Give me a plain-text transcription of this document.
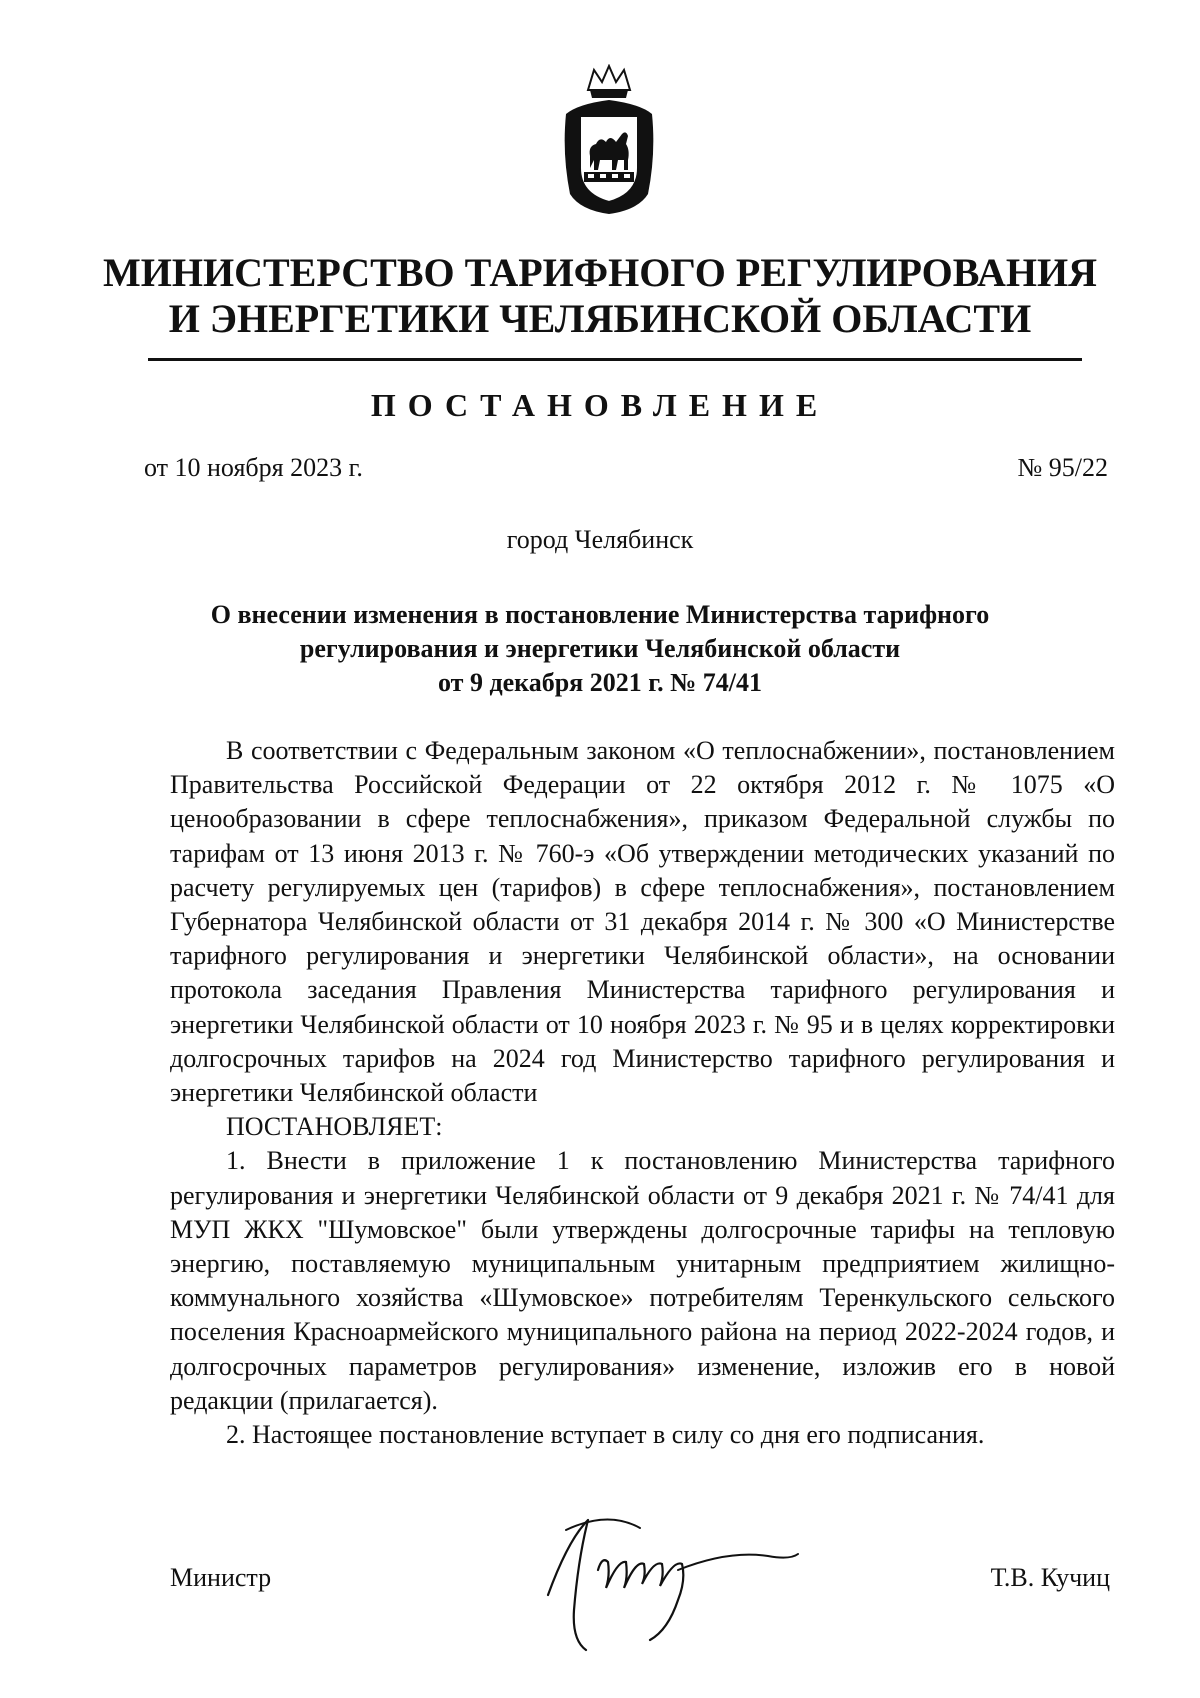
МИНИСТЕРСТВО ТАРИФНОГО РЕГУЛИРОВАНИЯ
И ЭНЕРГЕТИКИ ЧЕЛЯБИНСКОЙ ОБЛАСТИ
ПОСТАНОВЛЕНИЕ
от 10 ноября 2023 г.	№ 95/22
город Челябинск
О внесении изменения в постановление Министерства тарифного
регулирования и энергетики Челябинской области
от 9 декабря 2021 г. № 74/41

В соответствии с Федеральным законом «О теплоснабжении», постановлением Правительства Российской Федерации от 22 октября 2012 г. № 1075 «О ценообразовании в сфере теплоснабжения», приказом Федеральной службы по тарифам от 13 июня 2013 г. № 760-э «Об утверждении методических указаний по расчету регулируемых цен (тарифов) в сфере теплоснабжения», постановлением Губернатора Челябинской области от 31 декабря 2014 г. № 300 «О Министерстве тарифного регулирования и энергетики Челябинской области», на основании протокола заседания Правления Министерства тарифного регулирования и энергетики Челябинской области от 10 ноября 2023 г. № 95 и в целях корректировки долгосрочных тарифов на 2024 год Министерство тарифного регулирования и энергетики Челябинской области

ПОСТАНОВЛЯЕТ:

1. Внести в приложение 1 к постановлению Министерства тарифного регулирования и энергетики Челябинской области от 9 декабря 2021 г. № 74/41 для МУП ЖКХ "Шумовское" были утверждены долгосрочные тарифы на тепловую энергию, поставляемую муниципальным унитарным предприятием жилищно-коммунального хозяйства «Шумовское» потребителям Теренкульского сельского поселения Красноармейского муниципального района на период 2022-2024 годов, и долгосрочных параметров регулирования» изменение, изложив его в новой редакции (прилагается).

2. Настоящее постановление вступает в силу со дня его подписания.

Министр	Т.В. Кучиц
